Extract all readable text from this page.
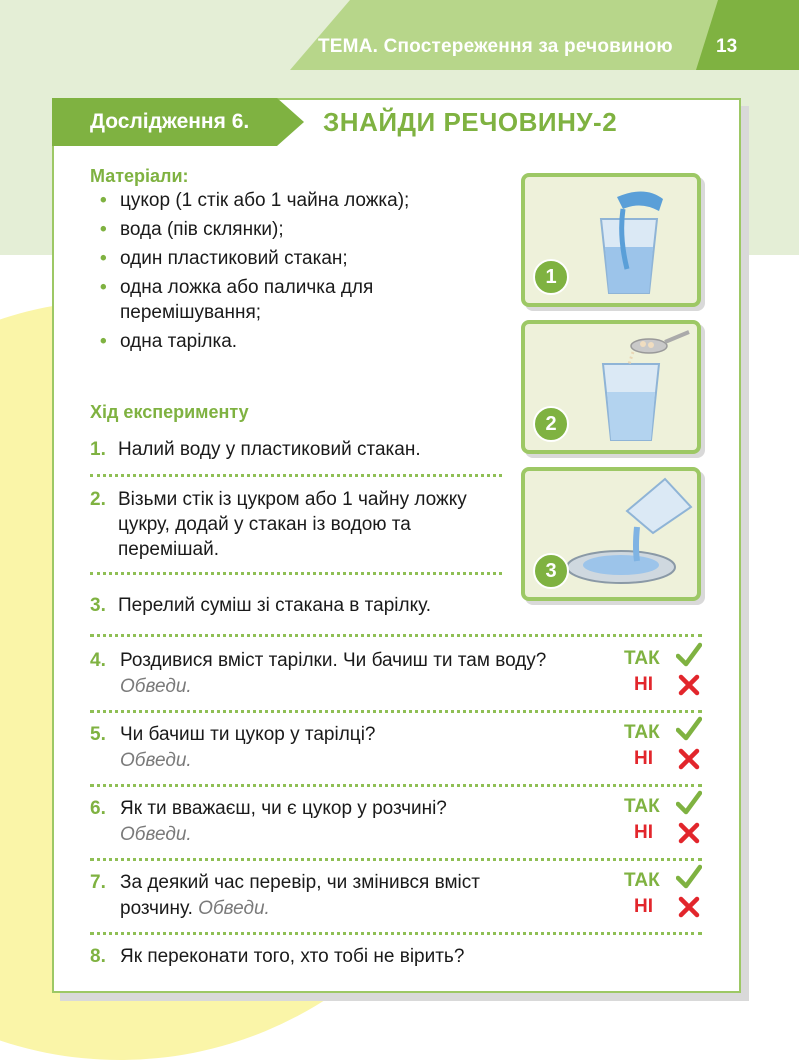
ТЕМА. Спостереження за речовиною 13
Дослідження 6.	ЗНАЙДИ РЕЧОВИНУ-2
Матеріали:
• цукор (1 стік або 1 чайна ложка);
• вода (пів склянки);
• один пластиковий стакан;
• одна ложка або паличка для перемішування;
• одна тарілка.
Хід експерименту
1. Налий воду у пластиковий стакан.
2. Візьми стік із цукром або 1 чайну ложку цукру, додай у стакан із водою та перемішай.
3. Перелий суміш зі стакана в тарілку.
1
2
3
4. Роздивися вміст тарілки. Чи бачиш ти там воду? Обведи.
ТАК
НІ
5. Чи бачиш ти цукор у тарілці?
Обведи.
ТАК
НІ
6. Як ти вважаєш, чи є цукор у розчині?
Обведи.
ТАК
НІ
7. За деякий час перевір, чи змінився вміст розчину. Обведи.
ТАК
НІ
8. Як переконати того, хто тобі не вірить?
